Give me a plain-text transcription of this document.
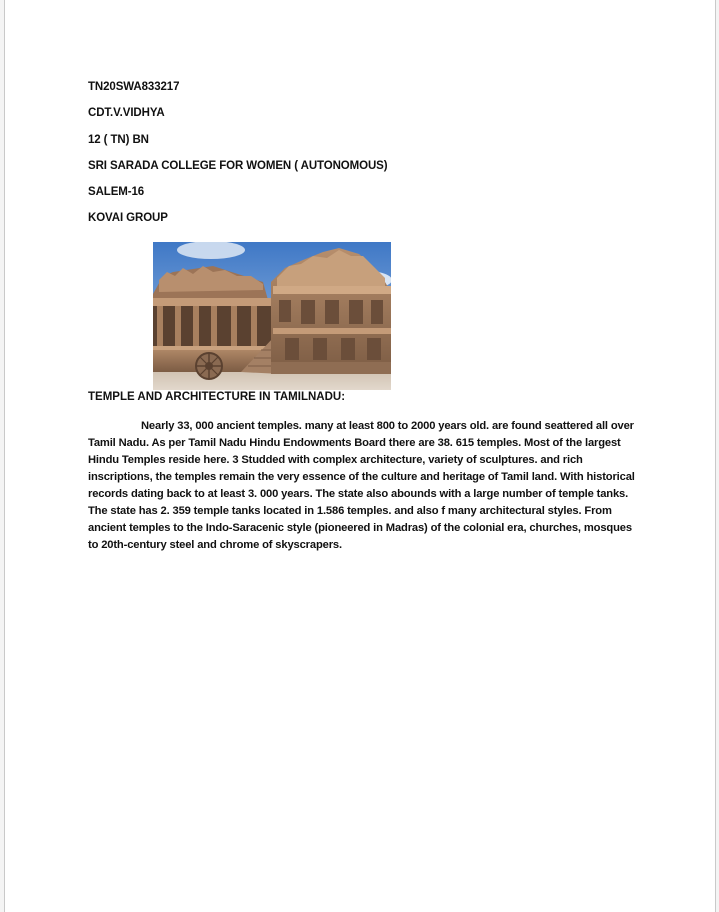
TN20SWA833217
CDT.V.VIDHYA
12 ( TN) BN
SRI SARADA COLLEGE FOR WOMEN ( AUTONOMOUS)
SALEM-16
KOVAI GROUP
TEMPLE AND ARCHITECTURE IN TAMILNADU:
Nearly 33, 000 ancient temples. many at least 800 to 2000 years old. are found seattered all over Tamil Nadu. As per Tamil Nadu Hindu Endowments Board there are 38. 615 temples. Most of the largest Hindu Temples reside here. 3 Studded with complex architecture, variety of sculptures. and rich inscriptions, the temples remain the very essence of the culture and heritage of Tamil land. With historical records dating back to at least 3. 000 years. The state also abounds with a large number of temple tanks. The state has 2. 359 temple tanks located in 1.586 temples. and also f many architectural styles. From ancient temples to the Indo-Saracenic style (pioneered in Madras) of the colonial era, churches, mosques to 20th-century steel and chrome of skyscrapers.
